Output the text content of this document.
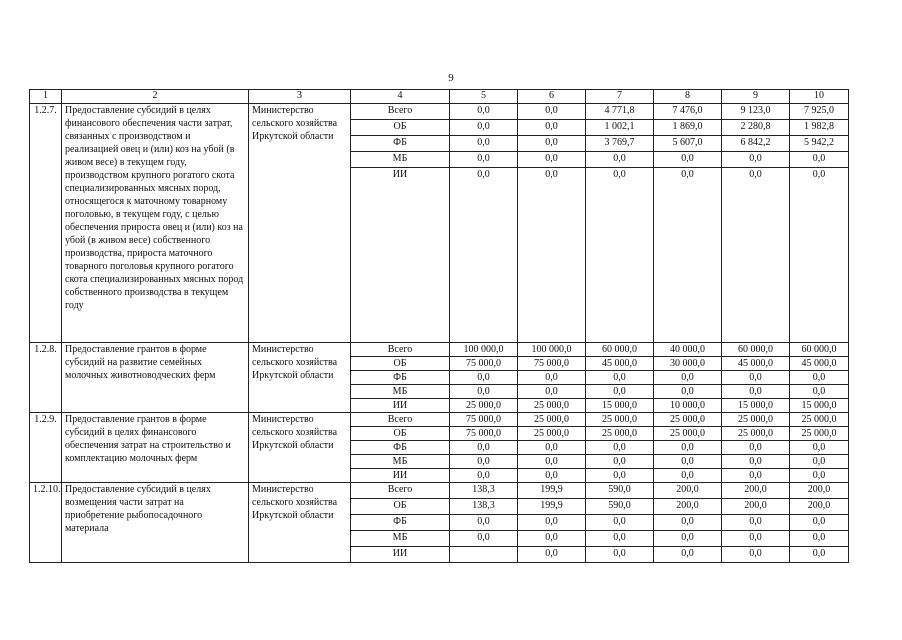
9
1	2	3	4	5	6	7	8	9	10
1.2.7.	Предоставление субсидий в целях финансового обеспечения части затрат, связанных с производством и реализацией овец и (или) коз на убой (в живом весе) в текущем году, производством крупного рогатого скота специализированных мясных пород, относящегося к маточному товарному поголовью, в текущем году, с целью обеспечения прироста овец и (или) коз на убой (в живом весе) собственного производства, прироста маточного товарного поголовья крупного рогатого скота специализированных мясных пород собственного производства в текущем году	Министерство сельского хозяйства Иркутской области	Всего	0,0	0,0	4 771,8	7 476,0	9 123,0	7 925,0
			ОБ	0,0	0,0	1 002,1	1 869,0	2 280,8	1 982,8
			ФБ	0,0	0,0	3 769,7	5 607,0	6 842,2	5 942,2
			МБ	0,0	0,0	0,0	0,0	0,0	0,0
			ИИ	0,0	0,0	0,0	0,0	0,0	0,0
1.2.8.	Предоставление грантов в форме субсидий на развитие семейных молочных животноводческих ферм	Министерство сельского хозяйства Иркутской области	Всего	100 000,0	100 000,0	60 000,0	40 000,0	60 000,0	60 000,0
			ОБ	75 000,0	75 000,0	45 000,0	30 000,0	45 000,0	45 000,0
			ФБ	0,0	0,0	0,0	0,0	0,0	0,0
			МБ	0,0	0,0	0,0	0,0	0,0	0,0
			ИИ	25 000,0	25 000,0	15 000,0	10 000,0	15 000,0	15 000,0
1.2.9.	Предоставление грантов в форме субсидий в целях финансового обеспечения затрат на строительство и комплектацию молочных ферм	Министерство сельского хозяйства Иркутской области	Всего	75 000,0	25 000,0	25 000,0	25 000,0	25 000,0	25 000,0
			ОБ	75 000,0	25 000,0	25 000,0	25 000,0	25 000,0	25 000,0
			ФБ	0,0	0,0	0,0	0,0	0,0	0,0
			МБ	0,0	0,0	0,0	0,0	0,0	0,0
			ИИ	0,0	0,0	0,0	0,0	0,0	0,0
1.2.10.	Предоставление субсидий в целях возмещения части затрат на приобретение рыбопосадочного материала	Министерство сельского хозяйства Иркутской области	Всего	138,3	199,9	590,0	200,0	200,0	200,0
			ОБ	138,3	199,9	590,0	200,0	200,0	200,0
			ФБ	0,0	0,0	0,0	0,0	0,0	0,0
			МБ	0,0	0,0	0,0	0,0	0,0	0,0
			ИИ		0,0	0,0	0,0	0,0	0,0
